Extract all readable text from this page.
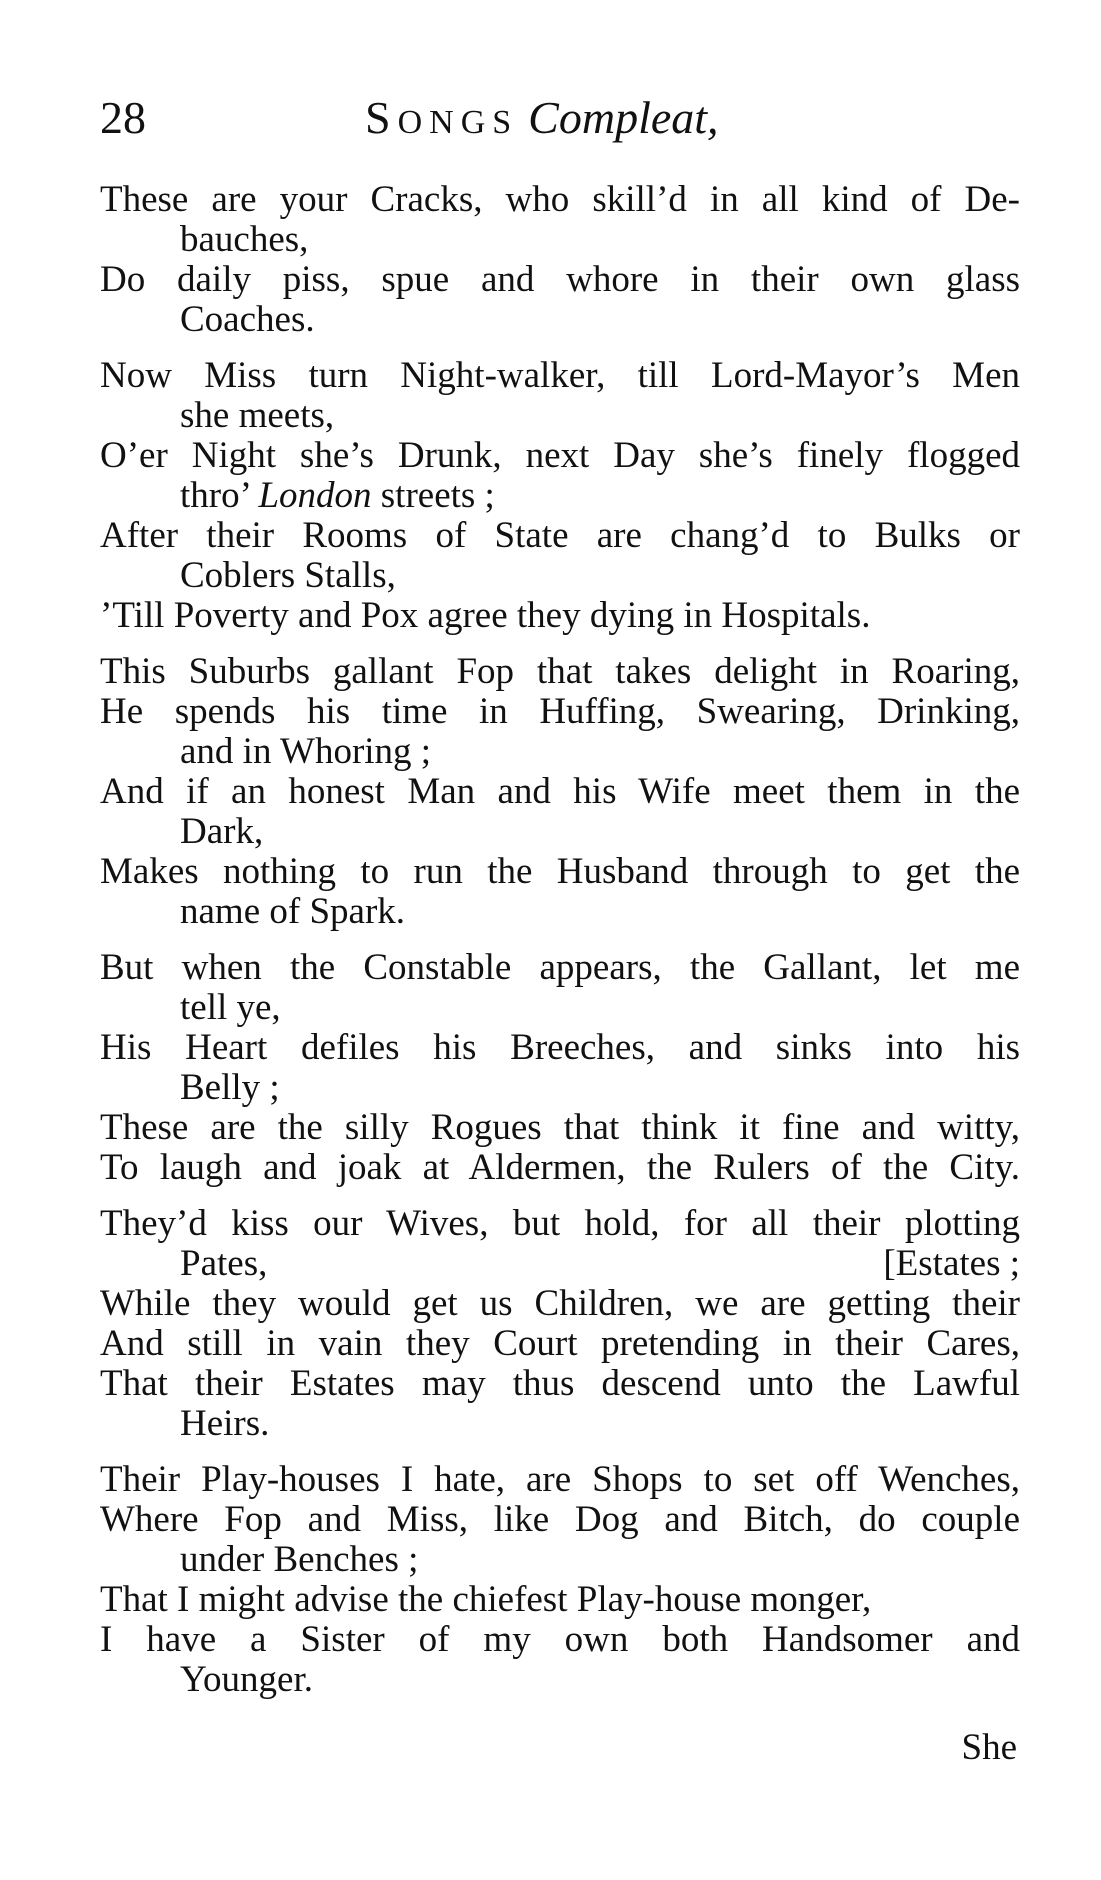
28	SONGS Compleat,
These are your Cracks, who skill’d in all kind of De-
bauches,
Do daily piss, spue and whore in their own glass
Coaches.
Now Miss turn Night-walker, till Lord-Mayor’s Men
she meets,
O’er Night she’s Drunk, next Day she’s finely flogged
thro’ London streets ;
After their Rooms of State are chang’d to Bulks or
Coblers Stalls,
’Till Poverty and Pox agree they dying in Hospitals.
This Suburbs gallant Fop that takes delight in Roaring,
He spends his time in Huffing, Swearing, Drinking,
and in Whoring ;
And if an honest Man and his Wife meet them in the
Dark,
Makes nothing to run the Husband through to get the
name of Spark.
But when the Constable appears, the Gallant, let me
tell ye,
His Heart defiles his Breeches, and sinks into his
Belly ;
These are the silly Rogues that think it fine and witty,
To laugh and joak at Aldermen, the Rulers of the City.
They’d kiss our Wives, but hold, for all their plotting
Pates,	[Estates ;
While they would get us Children, we are getting their
And still in vain they Court pretending in their Cares,
That their Estates may thus descend unto the Lawful
Heirs.
Their Play-houses I hate, are Shops to set off Wenches,
Where Fop and Miss, like Dog and Bitch, do couple
under Benches ;
That I might advise the chiefest Play-house monger,
I have a Sister of my own both Handsomer and
Younger.
She
